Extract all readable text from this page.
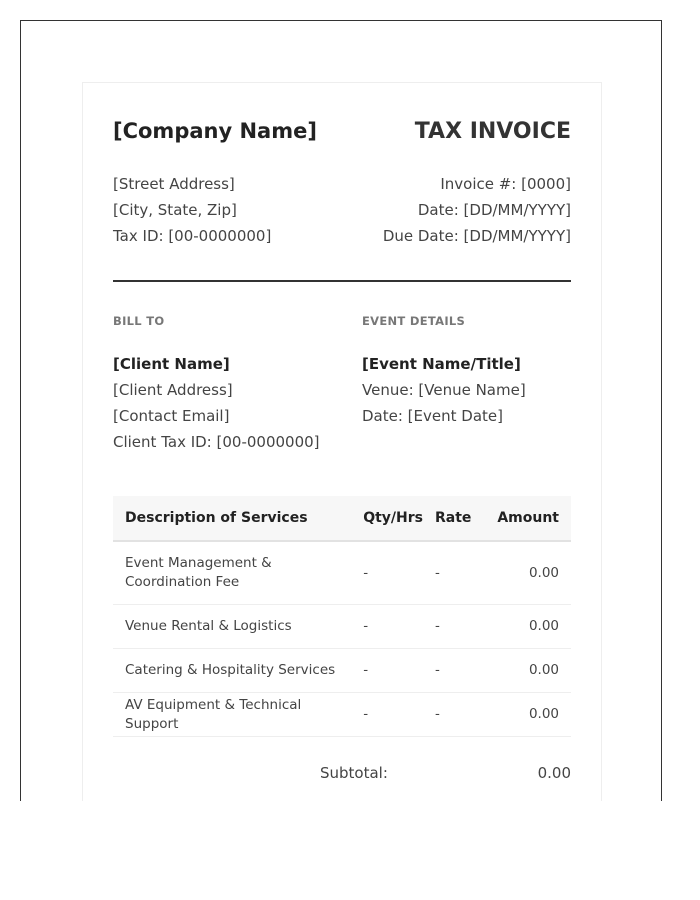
[Company Name]	TAX INVOICE
[Street Address]
[City, State, Zip]
Tax ID: [00-0000000]
Invoice #: [0000]
Date: [DD/MM/YYYY]
Due Date: [DD/MM/YYYY]
BILL TO	EVENT DETAILS
[Client Name]
[Client Address]
[Contact Email]
Client Tax ID: [00-0000000]
[Event Name/Title]
Venue: [Venue Name]
Date: [Event Date]
Description of Services	Qty/Hrs	Rate	Amount
Event Management & Coordination Fee	-	-	0.00
Venue Rental & Logistics	-	-	0.00
Catering & Hospitality Services	-	-	0.00
AV Equipment & Technical Support	-	-	0.00
Subtotal:	0.00
